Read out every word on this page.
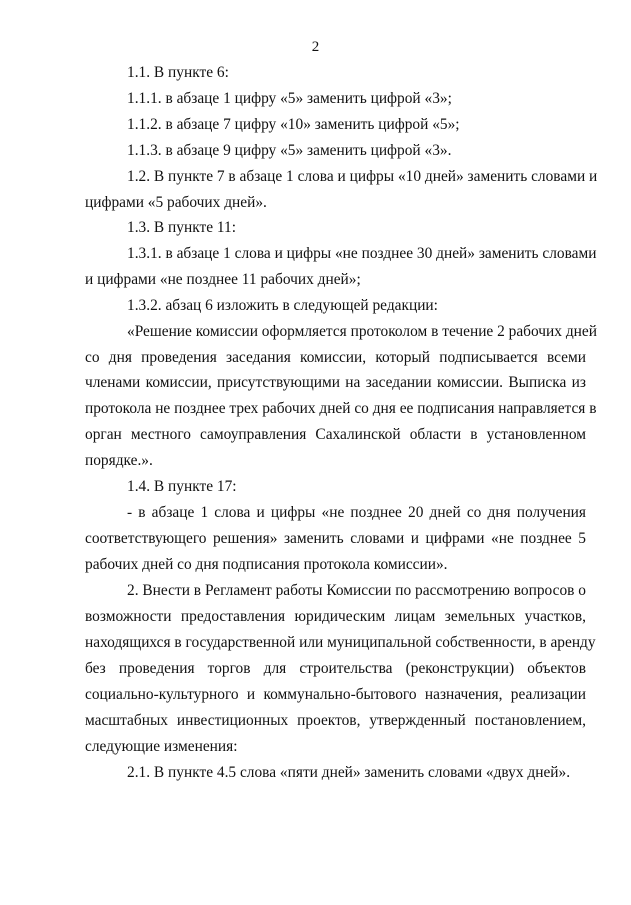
2
1.1. В пункте 6:
1.1.1. в абзаце 1 цифру «5» заменить цифрой «3»;
1.1.2. в абзаце 7 цифру «10» заменить цифрой «5»;
1.1.3. в абзаце 9 цифру «5» заменить цифрой «3».
1.2. В пункте 7 в абзаце 1 слова и цифры «10 дней» заменить словами и
цифрами «5 рабочих дней».
1.3. В пункте 11:
1.3.1. в абзаце 1 слова и цифры «не позднее 30 дней» заменить словами
и цифрами «не позднее 11 рабочих дней»;
1.3.2. абзац 6 изложить в следующей редакции:
«Решение комиссии оформляется протоколом в течение 2 рабочих дней
со дня проведения заседания комиссии, который подписывается всеми
членами комиссии, присутствующими на заседании комиссии. Выписка из
протокола не позднее трех рабочих дней со дня ее подписания направляется в
орган местного самоуправления Сахалинской области в установленном
порядке.».
1.4. В пункте 17:
- в абзаце 1 слова и цифры «не позднее 20 дней со дня получения
соответствующего решения» заменить словами и цифрами «не позднее 5
рабочих дней со дня подписания протокола комиссии».
2. Внести в Регламент работы Комиссии по рассмотрению вопросов о
возможности предоставления юридическим лицам земельных участков,
находящихся в государственной или муниципальной собственности, в аренду
без проведения торгов для строительства (реконструкции) объектов
социально-культурного и коммунально-бытового назначения, реализации
масштабных инвестиционных проектов, утвержденный постановлением,
следующие изменения:
2.1. В пункте 4.5 слова «пяти дней» заменить словами «двух дней».
